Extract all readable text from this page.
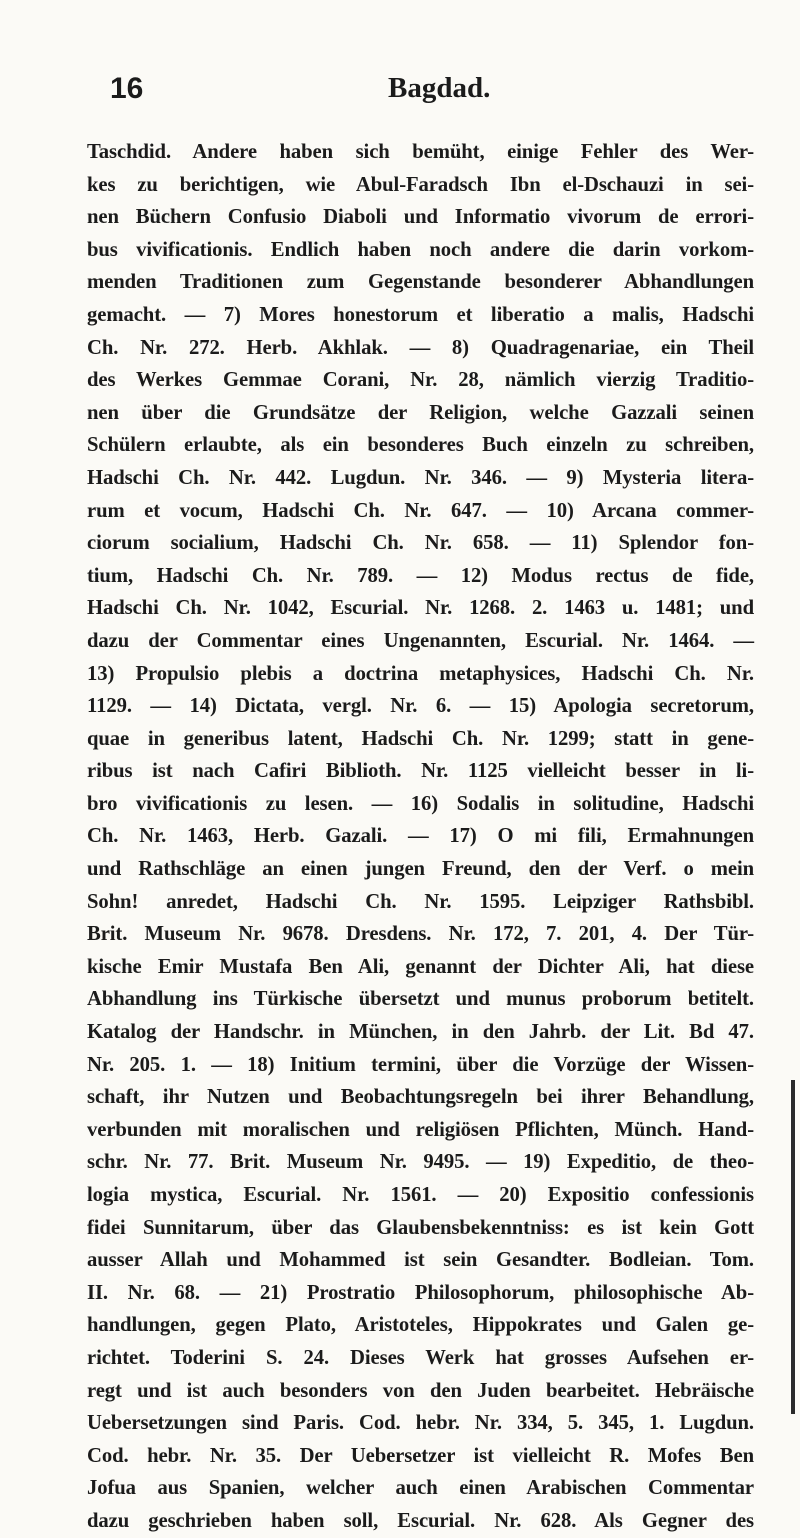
16	Bagdad.
Taschdid. Andere haben sich bemüht, einige Fehler des Wer-
kes zu berichtigen, wie Abul-Faradsch Ibn el-Dschauzi in sei-
nen Büchern Confusio Diaboli und Informatio vivorum de errori-
bus vivificationis. Endlich haben noch andere die darin vorkom-
menden Traditionen zum Gegenstande besonderer Abhandlungen
gemacht. — 7) Mores honestorum et liberatio a malis, Hadschi
Ch. Nr. 272. Herb. Akhlak. — 8) Quadragenariae, ein Theil
des Werkes Gemmae Corani, Nr. 28, nämlich vierzig Traditio-
nen über die Grundsätze der Religion, welche Gazzali seinen
Schülern erlaubte, als ein besonderes Buch einzeln zu schreiben,
Hadschi Ch. Nr. 442. Lugdun. Nr. 346. — 9) Mysteria litera-
rum et vocum, Hadschi Ch. Nr. 647. — 10) Arcana commer-
ciorum socialium, Hadschi Ch. Nr. 658. — 11) Splendor fon-
tium, Hadschi Ch. Nr. 789. — 12) Modus rectus de fide,
Hadschi Ch. Nr. 1042, Escurial. Nr. 1268. 2. 1463 u. 1481; und
dazu der Commentar eines Ungenannten, Escurial. Nr. 1464. —
13) Propulsio plebis a doctrina metaphysices, Hadschi Ch. Nr.
1129. — 14) Dictata, vergl. Nr. 6. — 15) Apologia secretorum,
quae in generibus latent, Hadschi Ch. Nr. 1299; statt in gene-
ribus ist nach Cafiri Biblioth. Nr. 1125 vielleicht besser in li-
bro vivificationis zu lesen. — 16) Sodalis in solitudine, Hadschi
Ch. Nr. 1463, Herb. Gazali. — 17) O mi fili, Ermahnungen
und Rathschläge an einen jungen Freund, den der Verf. o mein
Sohn! anredet, Hadschi Ch. Nr. 1595. Leipziger Rathsbibl.
Brit. Museum Nr. 9678. Dresdens. Nr. 172, 7. 201, 4. Der Tür-
kische Emir Mustafa Ben Ali, genannt der Dichter Ali, hat diese
Abhandlung ins Türkische übersetzt und munus proborum betitelt.
Katalog der Handschr. in München, in den Jahrb. der Lit. Bd 47.
Nr. 205. 1. — 18) Initium termini, über die Vorzüge der Wissen-
schaft, ihr Nutzen und Beobachtungsregeln bei ihrer Behandlung,
verbunden mit moralischen und religiösen Pflichten, Münch. Hand-
schr. Nr. 77. Brit. Museum Nr. 9495. — 19) Expeditio, de theo-
logia mystica, Escurial. Nr. 1561. — 20) Expositio confessionis
fidei Sunnitarum, über das Glaubensbekenntniss: es ist kein Gott
ausser Allah und Mohammed ist sein Gesandter. Bodleian. Tom.
II. Nr. 68. — 21) Prostratio Philosophorum, philosophische Ab-
handlungen, gegen Plato, Aristoteles, Hippokrates und Galen ge-
richtet. Toderini S. 24. Dieses Werk hat grosses Aufsehen er-
regt und ist auch besonders von den Juden bearbeitet. Hebräische
Uebersetzungen sind Paris. Cod. hebr. Nr. 334, 5. 345, 1. Lugdun.
Cod. hebr. Nr. 35. Der Uebersetzer ist vielleicht R. Mofes Ben
Jofua aus Spanien, welcher auch einen Arabischen Commentar
dazu geschrieben haben soll, Escurial. Nr. 628. Als Gegner des
